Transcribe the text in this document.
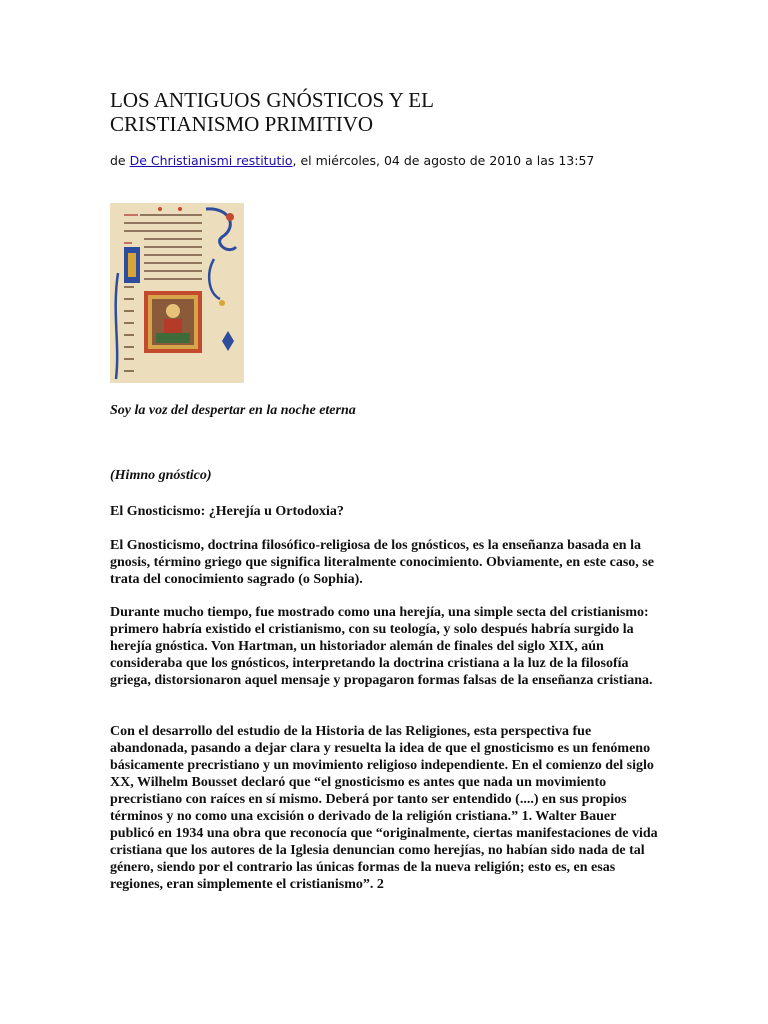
LOS ANTIGUOS GNÓSTICOS Y EL
CRISTIANISMO PRIMITIVO
de De Christianismi restitutio, el miércoles, 04 de agosto de 2010 a las 13:57

Soy la voz del despertar en la noche eterna

(Himno gnóstico)

El Gnosticismo: ¿Herejía u Ortodoxia?

El Gnosticismo, doctrina filosófico-religiosa de los gnósticos, es la enseñanza basada en la gnosis, término griego que significa literalmente conocimiento. Obviamente, en este caso, se trata del conocimiento sagrado (o Sophia).

Durante mucho tiempo, fue mostrado como una herejía, una simple secta del cristianismo: primero habría existido el cristianismo, con su teología, y solo después habría surgido la herejía gnóstica. Von Hartman, un historiador alemán de finales del siglo XIX, aún consideraba que los gnósticos, interpretando la doctrina cristiana a la luz de la filosofía griega, distorsionaron aquel mensaje y propagaron formas falsas de la enseñanza cristiana.

Con el desarrollo del estudio de la Historia de las Religiones, esta perspectiva fue abandonada, pasando a dejar clara y resuelta la idea de que el gnosticismo es un fenómeno básicamente precristiano y un movimiento religioso independiente. En el comienzo del siglo XX, Wilhelm Bousset declaró que “el gnosticismo es antes que nada un movimiento precristiano con raíces en sí mismo. Deberá por tanto ser entendido (....) en sus propios términos y no como una excisión o derivado de la religión cristiana.” 1. Walter Bauer publicó en 1934 una obra que reconocía que “originalmente, ciertas manifestaciones de vida cristiana que los autores de la Iglesia denuncian como herejías, no habían sido nada de tal género, siendo por el contrario las únicas formas de la nueva religión; esto es, en esas regiones, eran simplemente el cristianismo”. 2
